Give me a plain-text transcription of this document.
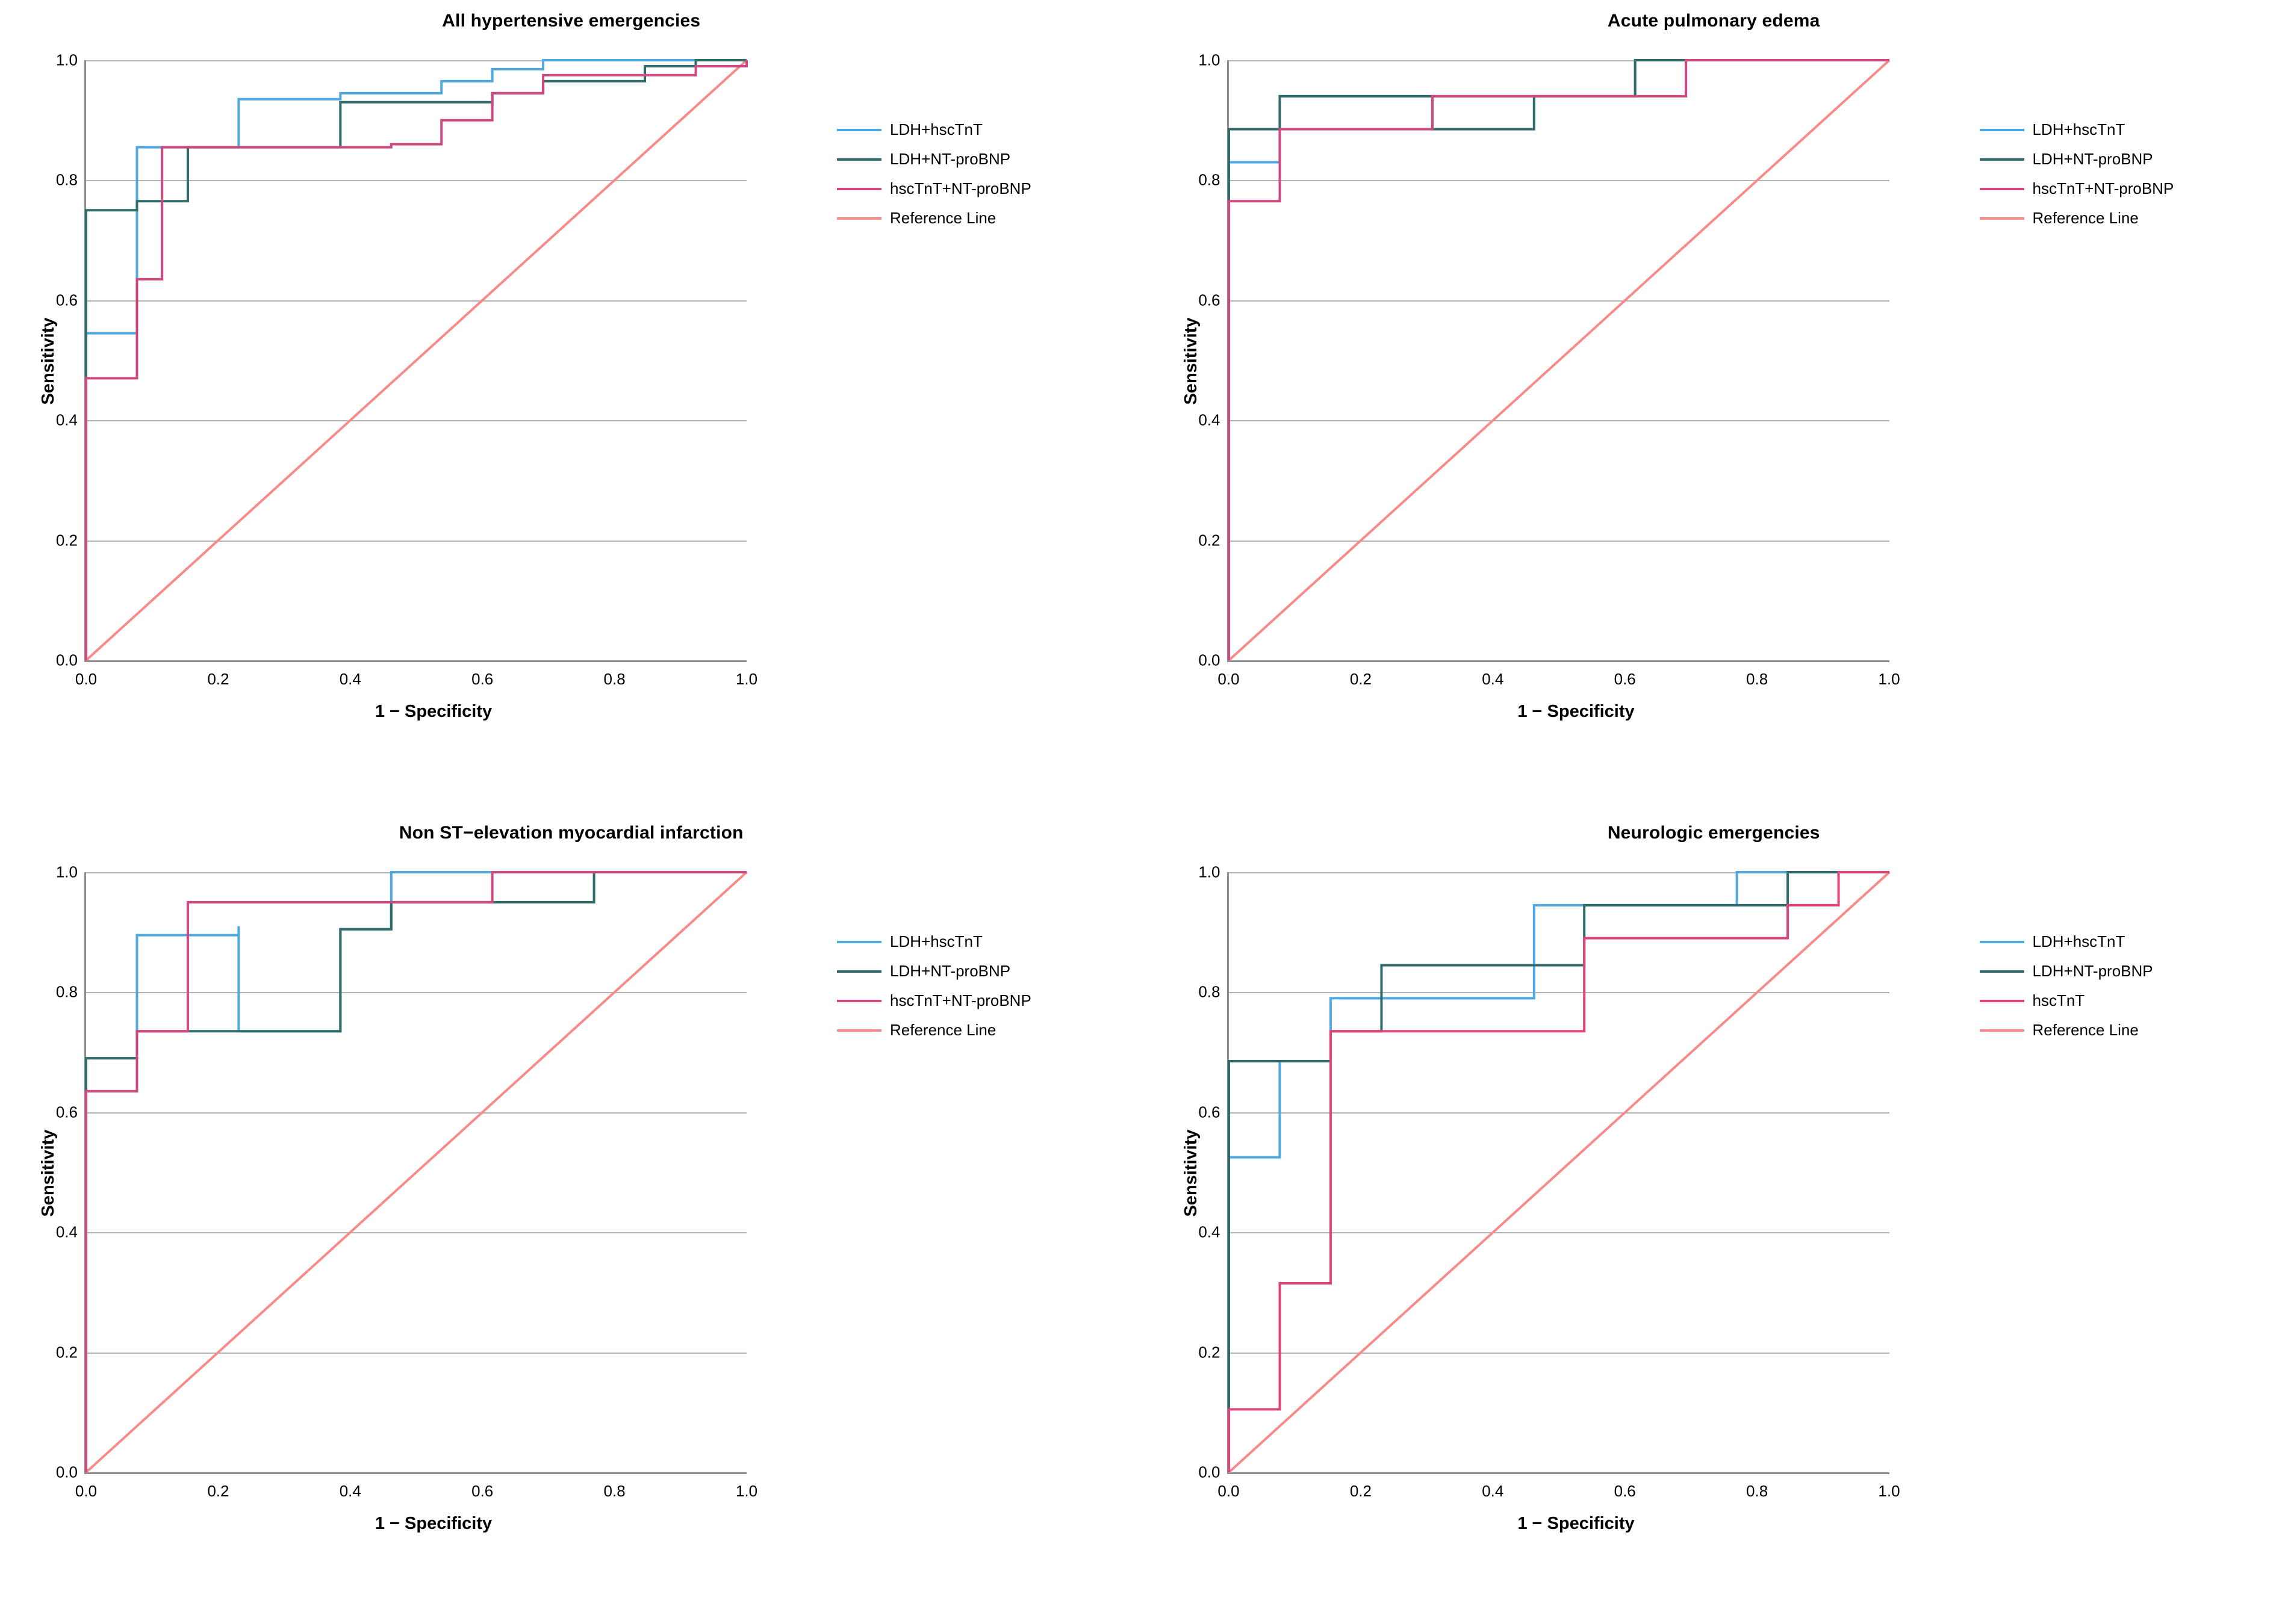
All hypertensive emergencies
0.0
0.2
0.4
0.6
0.8
1.0
0.0	0.2	0.4	0.6	0.8	1.0
Sensitivity
1 − Specificity
LDH+hscTnT
LDH+NT-proBNP
hscTnT+NT-proBNP
Reference Line
Acute pulmonary edema
0.0
0.2
0.4
0.6
0.8
1.0
0.0	0.2	0.4	0.6	0.8	1.0
Sensitivity
1 − Specificity
LDH+hscTnT
LDH+NT-proBNP
hscTnT+NT-proBNP
Reference Line
Non ST−elevation myocardial infarction
0.0
0.2
0.4
0.6
0.8
1.0
0.0	0.2	0.4	0.6	0.8	1.0
Sensitivity
1 − Specificity
LDH+hscTnT
LDH+NT-proBNP
hscTnT+NT-proBNP
Reference Line
Neurologic emergencies
0.0
0.2
0.4
0.6
0.8
1.0
0.0	0.2	0.4	0.6	0.8	1.0
Sensitivity
1 − Specificity
LDH+hscTnT
LDH+NT-proBNP
hscTnT
Reference Line
